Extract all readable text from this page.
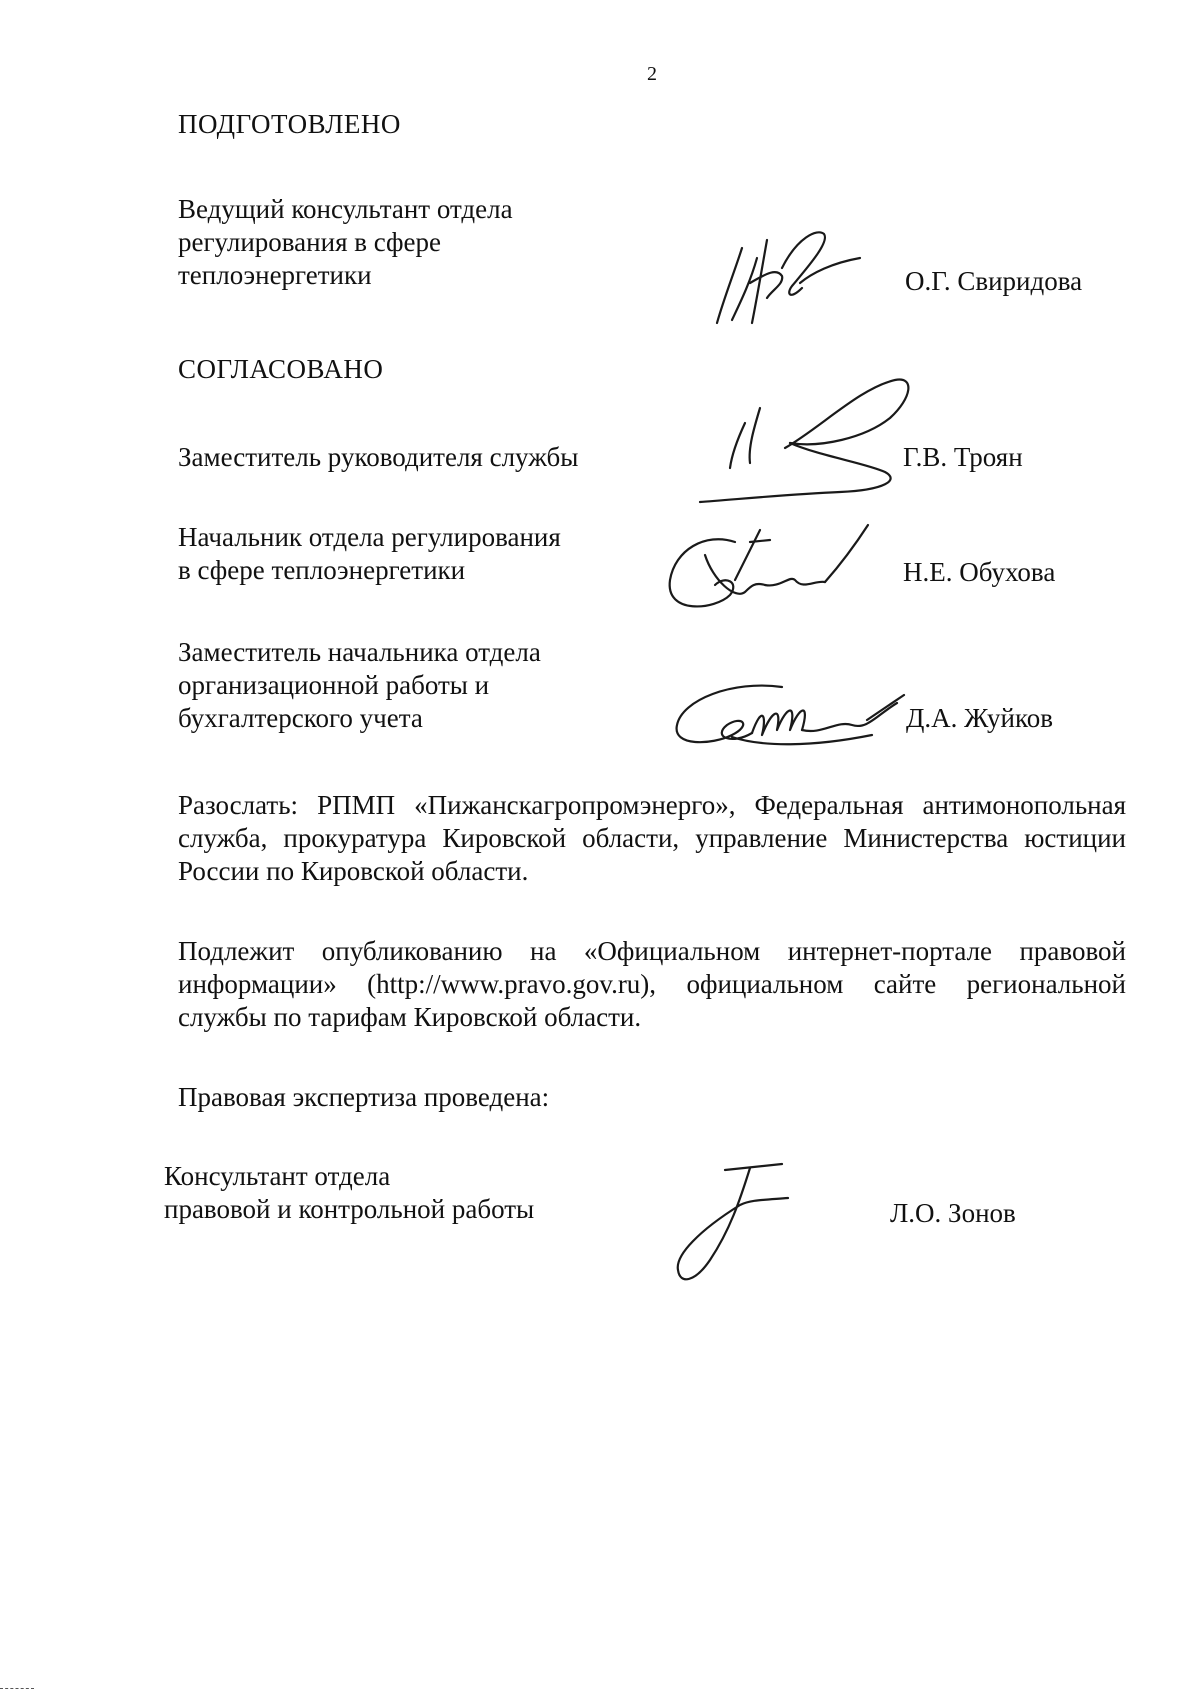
2
ПОДГОТОВЛЕНО
Ведущий консультант отдела
регулирования в сфере
теплоэнергетики	О.Г. Свиридова
СОГЛАСОВАНО
Заместитель руководителя службы	Г.В. Троян
Начальник отдела регулирования
в сфере теплоэнергетики	Н.Е. Обухова
Заместитель начальника отдела
организационной работы и
бухгалтерского учета	Д.А. Жуйков
Разослать: РПМП «Пижанскагропромэнерго», Федеральная антимонопольная служба, прокуратура Кировской области, управление Министерства юстиции России по Кировской области.
Подлежит опубликованию на «Официальном интернет-портале правовой информации» (http://www.pravo.gov.ru), официальном сайте региональной службы по тарифам Кировской области.
Правовая экспертиза проведена:
Консультант отдела
правовой и контрольной работы	Л.О. Зонов
